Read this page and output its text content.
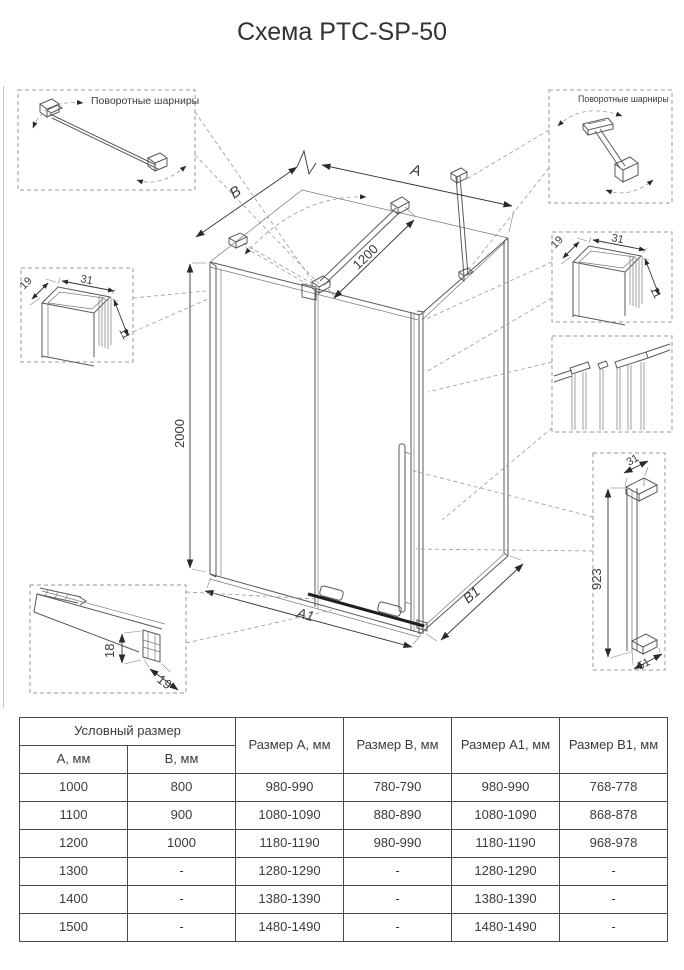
Схема PTC-SP-50
B
A
1200
2000
A1
B1
Поворотные шарниры	Поворотные шарниры
19	31
11
19	31
11
18
19
31
923
51
Условный размер		Размер А, мм	Размер В, мм	Размер А1, мм	Размер В1, мм
А, мм	В, мм				
1000	800	980-990	780-790	980-990	768-778
1100	900	1080-1090	880-890	1080-1090	868-878
1200	1000	1180-1190	980-990	1180-1190	968-978
1300	-	1280-1290	-	1280-1290	-
1400	-	1380-1390	-	1380-1390	-
1500	-	1480-1490	-	1480-1490	-
